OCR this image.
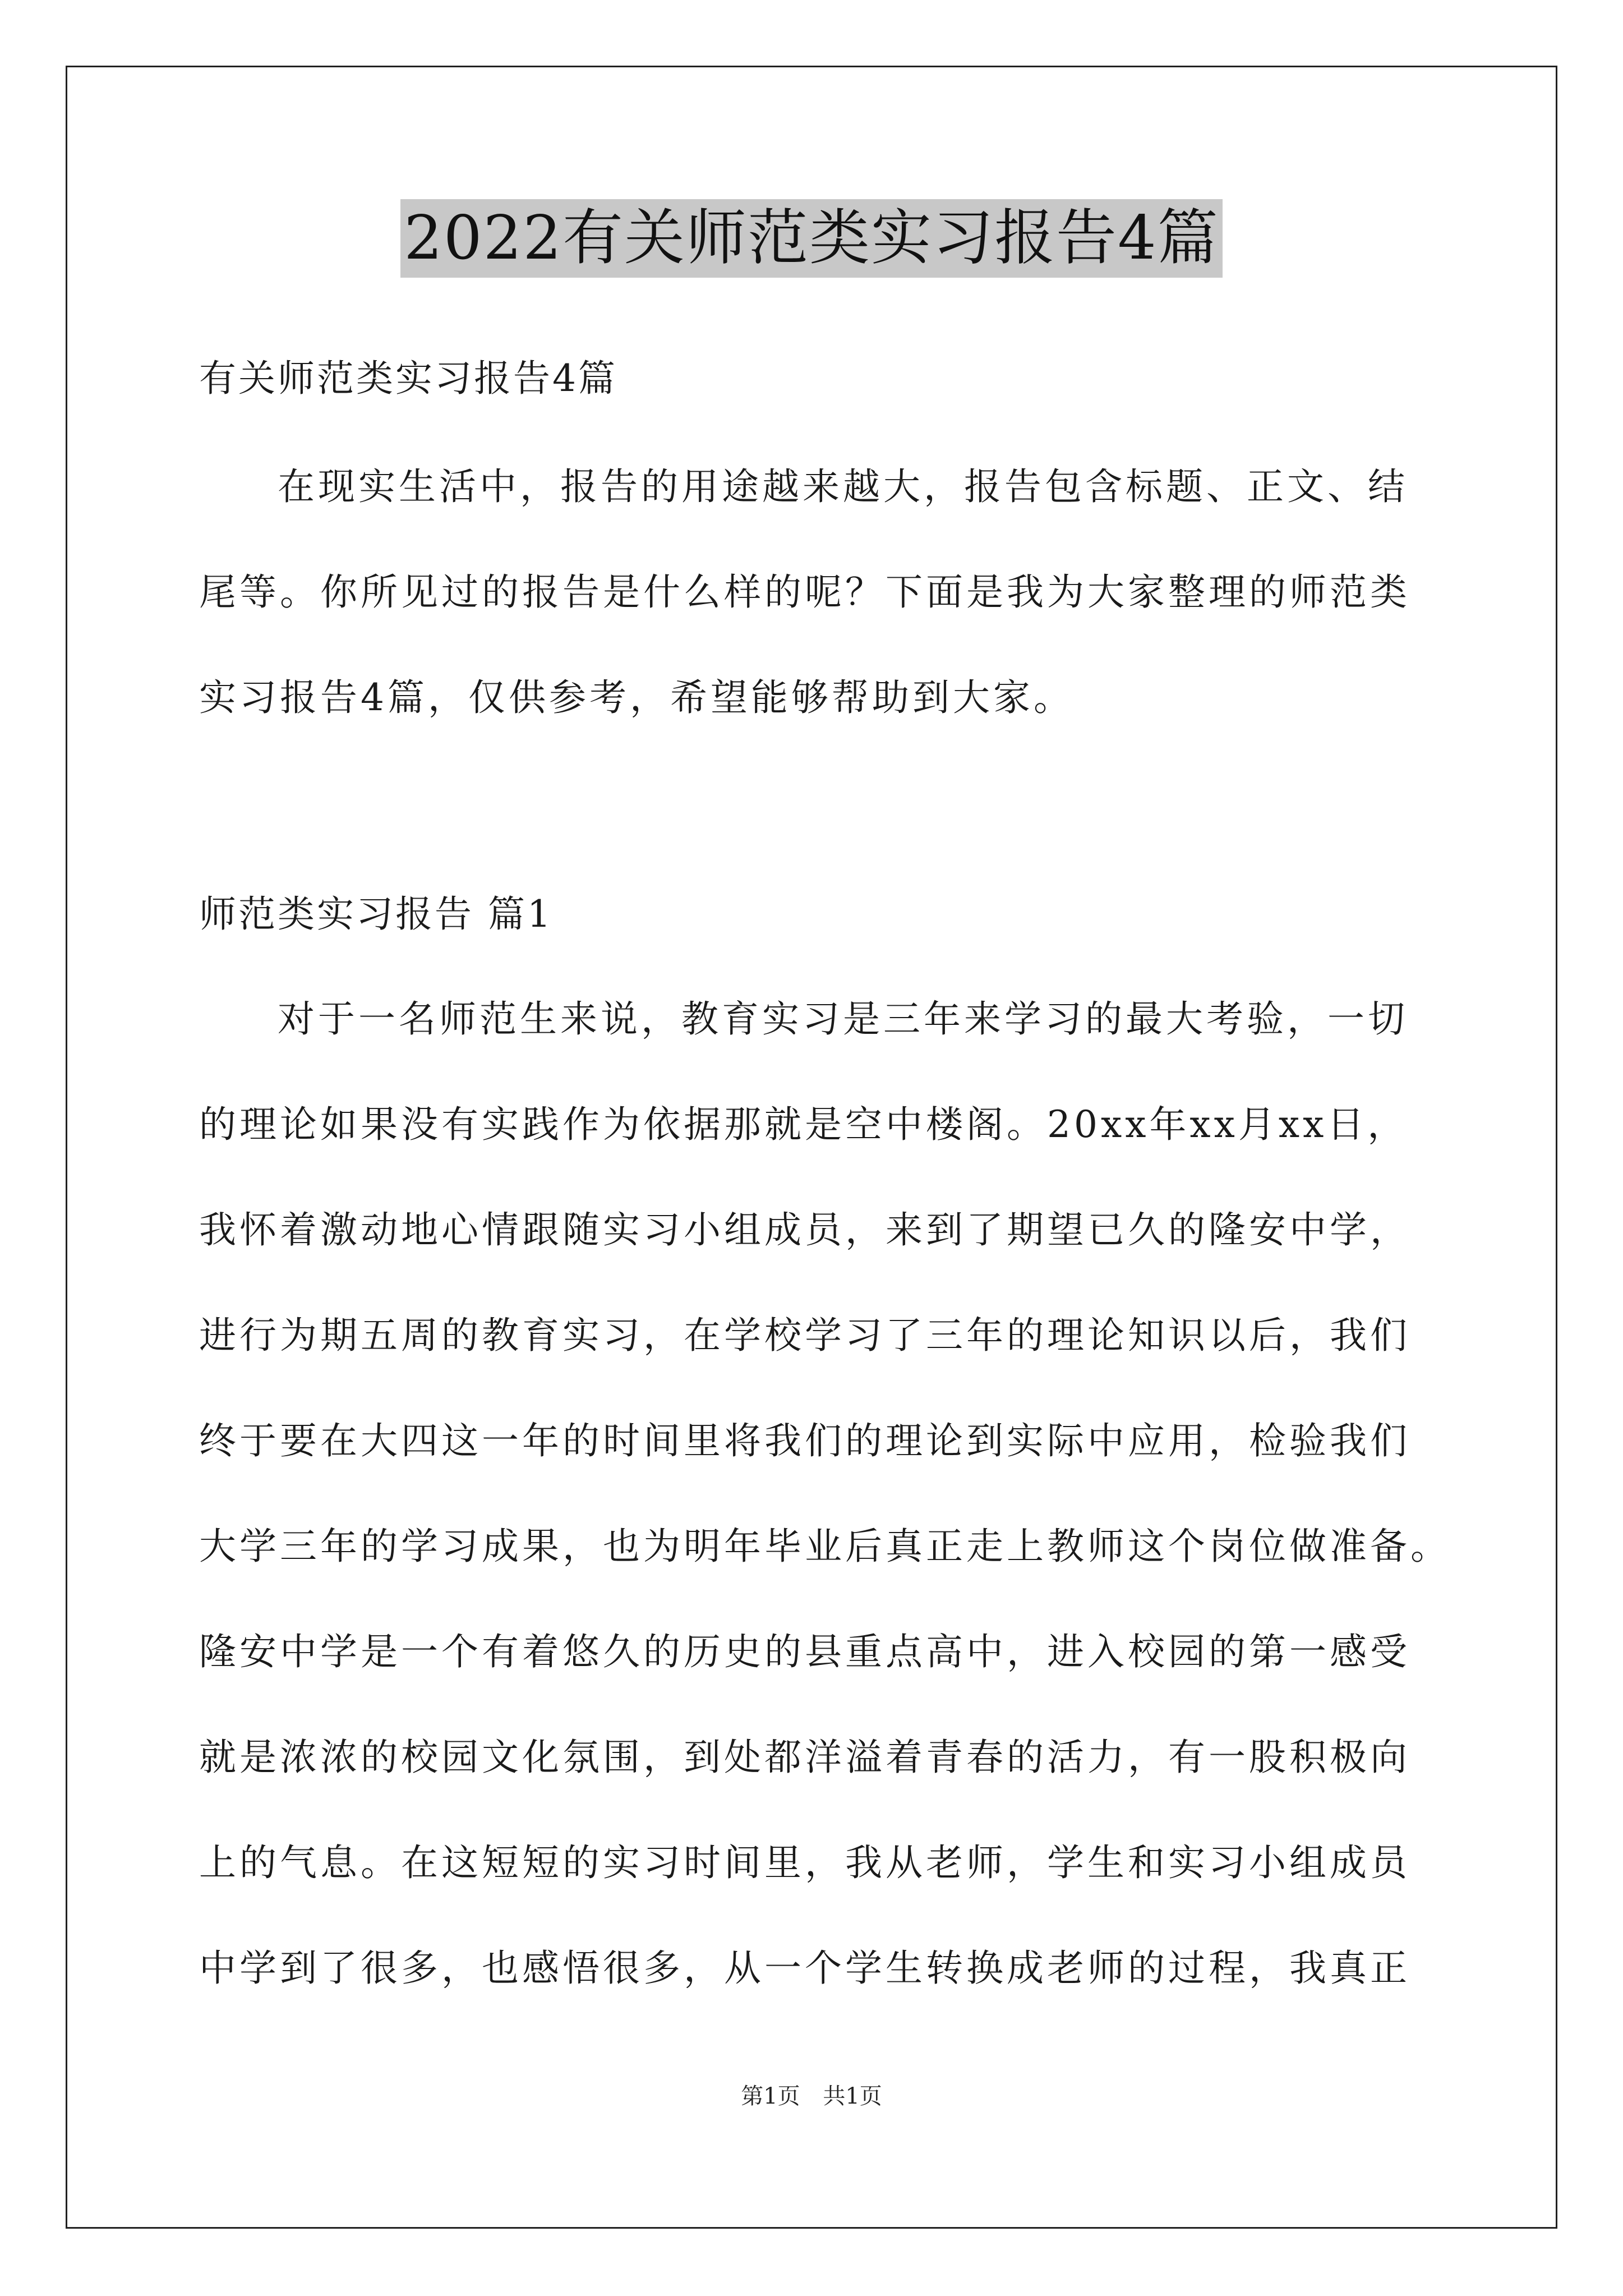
2022有关师范类实习报告4篇
有关师范类实习报告4篇
在现实生活中，报告的用途越来越大，报告包含标题、正文、结
尾等。你所见过的报告是什么样的呢？下面是我为大家整理的师范类
实习报告4篇，仅供参考，希望能够帮助到大家。
师范类实习报告 篇1
对于一名师范生来说，教育实习是三年来学习的最大考验，一切
的理论如果没有实践作为依据那就是空中楼阁。20xx年xx月xx日，
我怀着激动地心情跟随实习小组成员，来到了期望已久的隆安中学，
进行为期五周的教育实习，在学校学习了三年的理论知识以后，我们
终于要在大四这一年的时间里将我们的理论到实际中应用，检验我们
大学三年的学习成果，也为明年毕业后真正走上教师这个岗位做准备。
隆安中学是一个有着悠久的历史的县重点高中，进入校园的第一感受
就是浓浓的校园文化氛围，到处都洋溢着青春的活力，有一股积极向
上的气息。在这短短的实习时间里，我从老师，学生和实习小组成员
中学到了很多，也感悟很多，从一个学生转换成老师的过程，我真正
第1页 共1页
